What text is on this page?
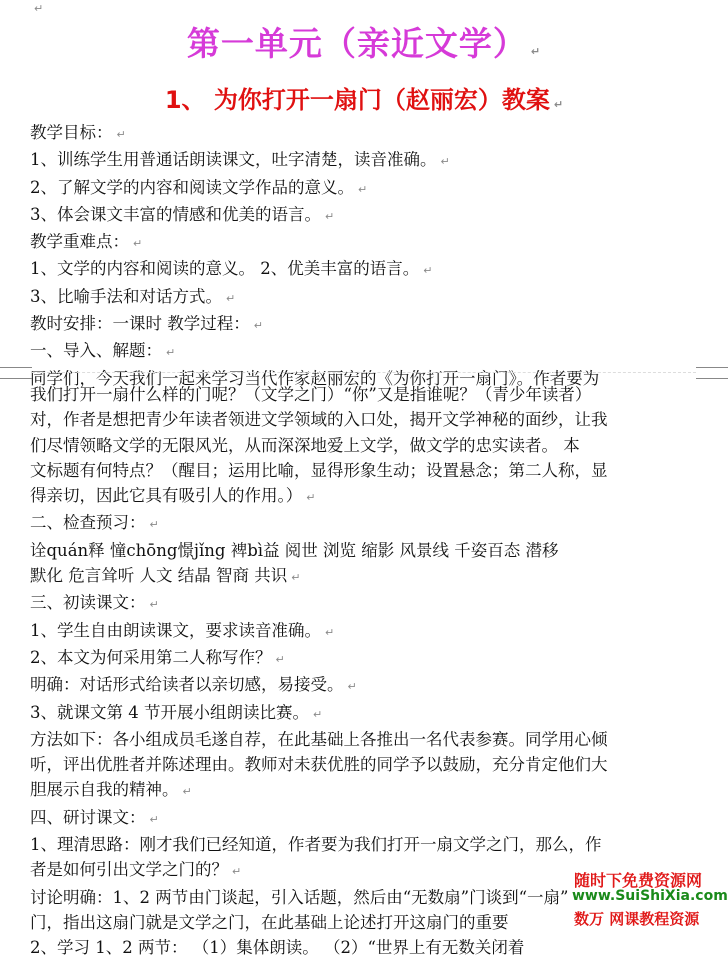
↵
第一单元（亲近文学） ↵
1、 为你打开一扇门（赵丽宏）教案 ↵
教学目标： ↵
1、训练学生用普通话朗读课文，吐字清楚，读音准确。 ↵
2、了解文学的内容和阅读文学作品的意义。 ↵
3、体会课文丰富的情感和优美的语言。 ↵
教学重难点： ↵
1、文学的内容和阅读的意义。 2、优美丰富的语言。 ↵
3、比喻手法和对话方式。 ↵
教时安排：一课时 教学过程： ↵
一、导入、解题： ↵
同学们，今天我们一起来学习当代作家赵丽宏的《为你打开一扇门》。作者要为
我们打开一扇什么样的门呢？（文学之门）“你”又是指谁呢？（青少年读者）
对，作者是想把青少年读者领进文学领域的入口处，揭开文学神秘的面纱，让我
们尽情领略文学的无限风光，从而深深地爱上文学，做文学的忠实读者。 本
文标题有何特点？（醒目；运用比喻，显得形象生动；设置悬念；第二人称，显
得亲切，因此它具有吸引人的作用。） ↵
二、检查预习： ↵
诠quán释 憧chōng憬jǐng 裨bì益 阅世 浏览 缩影 风景线 千姿百态 潜移
默化 危言耸听 人文 结晶 智商 共识 ↵
三、初读课文： ↵
1、学生自由朗读课文，要求读音准确。 ↵
2、本文为何采用第二人称写作？ ↵
明确：对话形式给读者以亲切感，易接受。 ↵
3、就课文第 4 节开展小组朗读比赛。 ↵
方法如下：各小组成员毛遂自荐，在此基础上各推出一名代表参赛。同学用心倾
听，评出优胜者并陈述理由。教师对未获优胜的同学予以鼓励，充分肯定他们大
胆展示自我的精神。 ↵
四、研讨课文： ↵
1、理清思路：刚才我们已经知道，作者要为我们打开一扇文学之门，那么，作
者是如何引出文学之门的？ ↵
讨论明确：1、2 两节由门谈起，引入话题，然后由“无数扇”门谈到“一扇”
门，指出这扇门就是文学之门，在此基础上论述打开这扇门的重要
2、学习 1、2 两节： （1）集体朗读。 （2）“世界上有无数关闭着
随时下免费资源网
www.SuiShiXia.com
数万 网课教程资源
